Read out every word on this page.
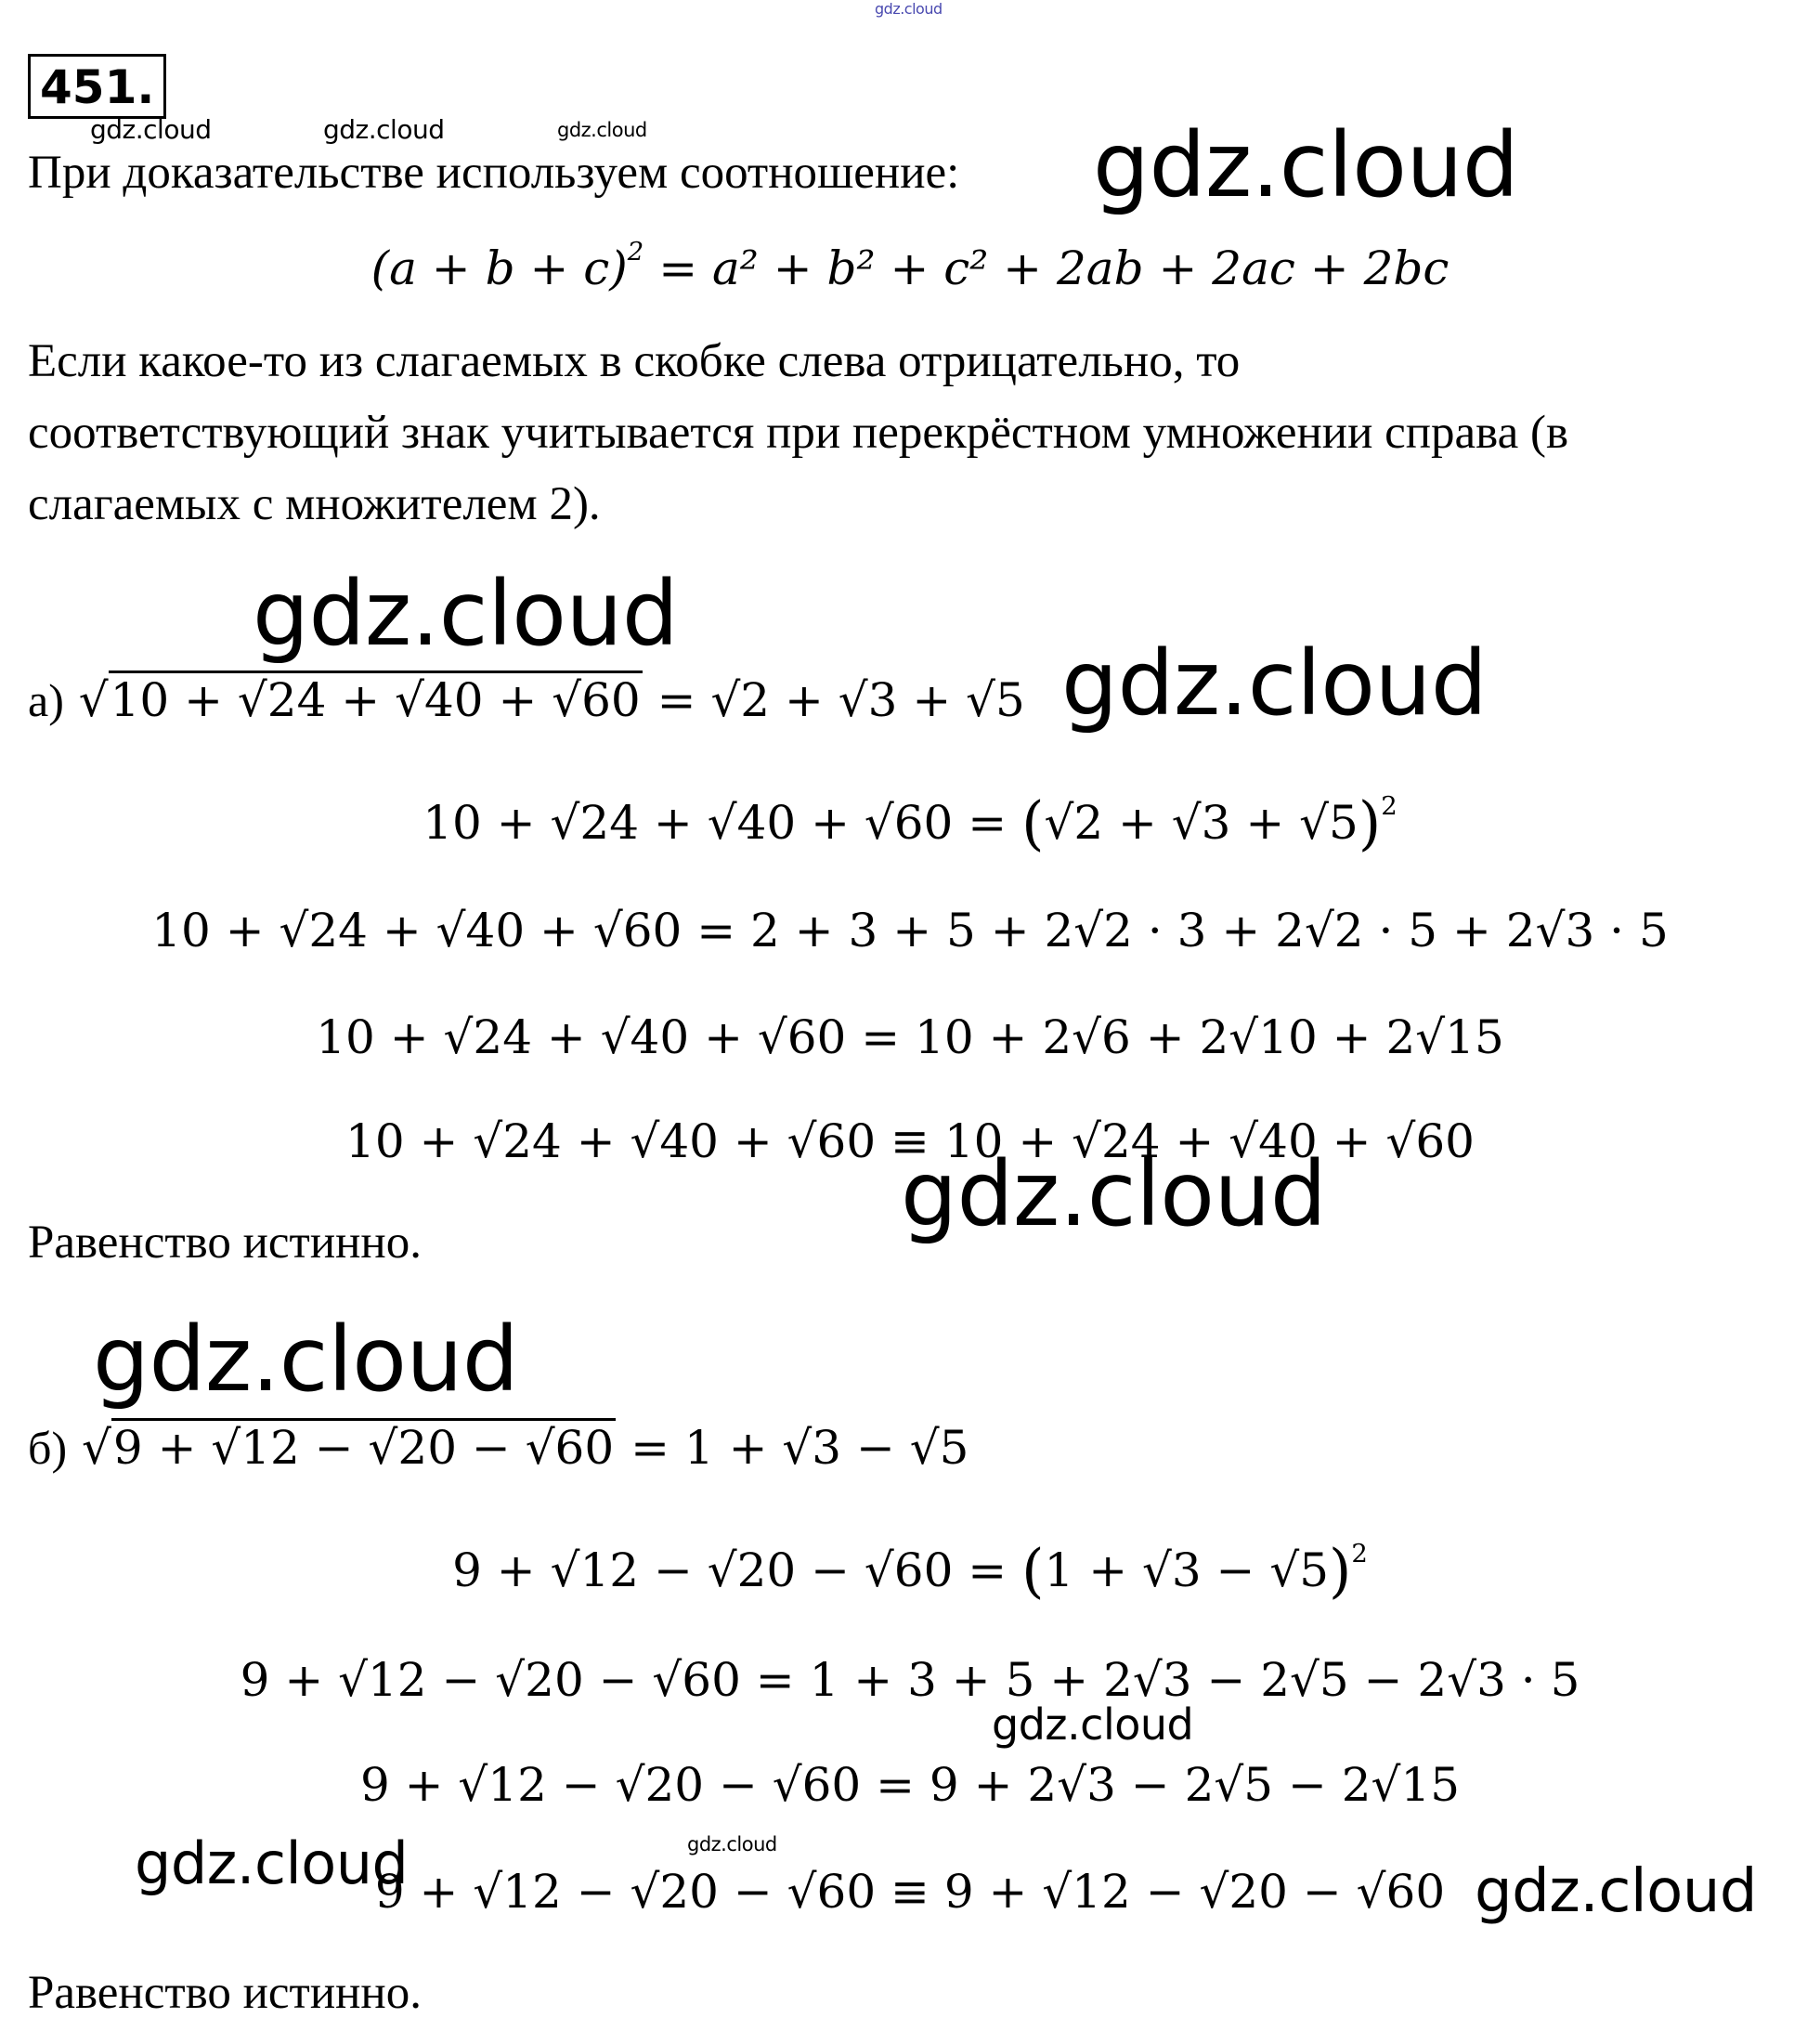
gdz.cloud
451.
gdz.cloud	gdz.cloud	gdz.cloud
При доказательстве используем соотношение: gdz.cloud
$(a + b + c)^2 = a^2 + b^2 + c^2 + 2ab + 2ac + 2bc$
Если какое-то из слагаемых в скобке слева отрицательно, то
соответствующий знак учитывается при перекрёстном умножении справа (в
слагаемых с множителем 2).
gdz.cloud
а) √10 + √24 + √40 + √60 = √2 + √3 + √5 gdz.cloud
$10 + √24 + √40 + √60 = (√2 + √3 + √5)^2$
10 + √24 + √40 + √60 = 2 + 3 + 5 + 2√2 · 3 + 2√2 · 5 + 2√3 · 5
10 + √24 + √40 + √60 = 10 + 2√6 + 2√10 + 2√15
10 + √24 + √40 + √60 ≡ 10 + √24 + √40 + √60
gdz.cloud
Равенство истинно.
gdz.cloud
б) √9 + √12 − √20 − √60 = 1 + √3 − √5
$9 + √12 - √20 - √60 = (1 + √3 - √5)^2$
9 + √12 − √20 − √60 = 1 + 3 + 5 + 2√3 − 2√5 − 2√3 · 5
gdz.cloud
9 + √12 − √20 − √60 = 9 + 2√3 − 2√5 − 2√15
gdz.cloud
gdz.cloud
9 + √12 − √20 − √60 ≡ 9 + √12 − √20 − √60 gdz.cloud
Равенство истинно.
